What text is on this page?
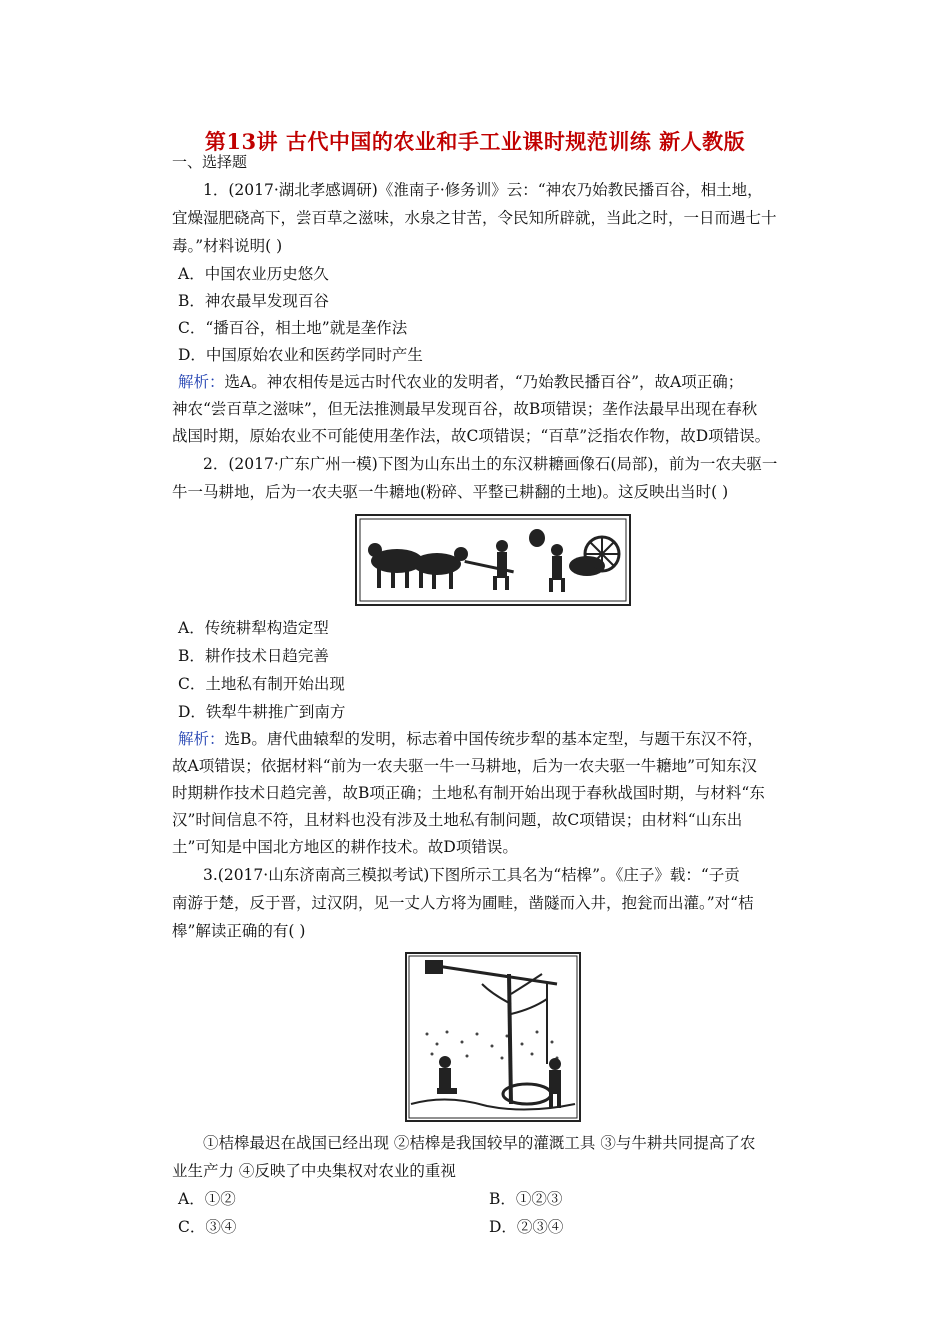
第13讲 古代中国的农业和手工业课时规范训练 新人教版
一、选择题
1．(2017·湖北孝感调研)《淮南子·修务训》云：“神农乃始教民播百谷，相土地，
宜燥湿肥硗高下，尝百草之滋味，水泉之甘苦，令民知所辟就，当此之时，一日而遇七十
毒。”材料说明( )
A．中国农业历史悠久
B．神农最早发现百谷
C．“播百谷，相土地”就是垄作法
D．中国原始农业和医药学同时产生
解析：选A。神农相传是远古时代农业的发明者，“乃始教民播百谷”，故A项正确；
神农“尝百草之滋味”，但无法推测最早发现百谷，故B项错误；垄作法最早出现在春秋
战国时期，原始农业不可能使用垄作法，故C项错误；“百草”泛指农作物，故D项错误。
2．(2017·广东广州一模)下图为山东出土的东汉耕耱画像石(局部)，前为一农夫驱一
牛一马耕地，后为一农夫驱一牛耱地(粉碎、平整已耕翻的土地)。这反映出当时( )
A．传统耕犁构造定型
B．耕作技术日趋完善
C．土地私有制开始出现
D．铁犁牛耕推广到南方
解析：选B。唐代曲辕犁的发明，标志着中国传统步犁的基本定型，与题干东汉不符，
故A项错误；依据材料“前为一农夫驱一牛一马耕地，后为一农夫驱一牛耱地”可知东汉
时期耕作技术日趋完善，故B项正确；土地私有制开始出现于春秋战国时期，与材料“东
汉”时间信息不符，且材料也没有涉及土地私有制问题，故C项错误；由材料“山东出
土”可知是中国北方地区的耕作技术。故D项错误。
3.(2017·山东济南高三模拟考试)下图所示工具名为“桔槔”。《庄子》载：“子贡
南游于楚，反于晋，过汉阴，见一丈人方将为圃畦，凿隧而入井，抱瓮而出灌。”对“桔
槔”解读正确的有( )
①桔槔最迟在战国已经出现 ②桔槔是我国较早的灌溉工具 ③与牛耕共同提高了农
业生产力 ④反映了中央集权对农业的重视
A．①②	B．①②③
C．③④	D．②③④
